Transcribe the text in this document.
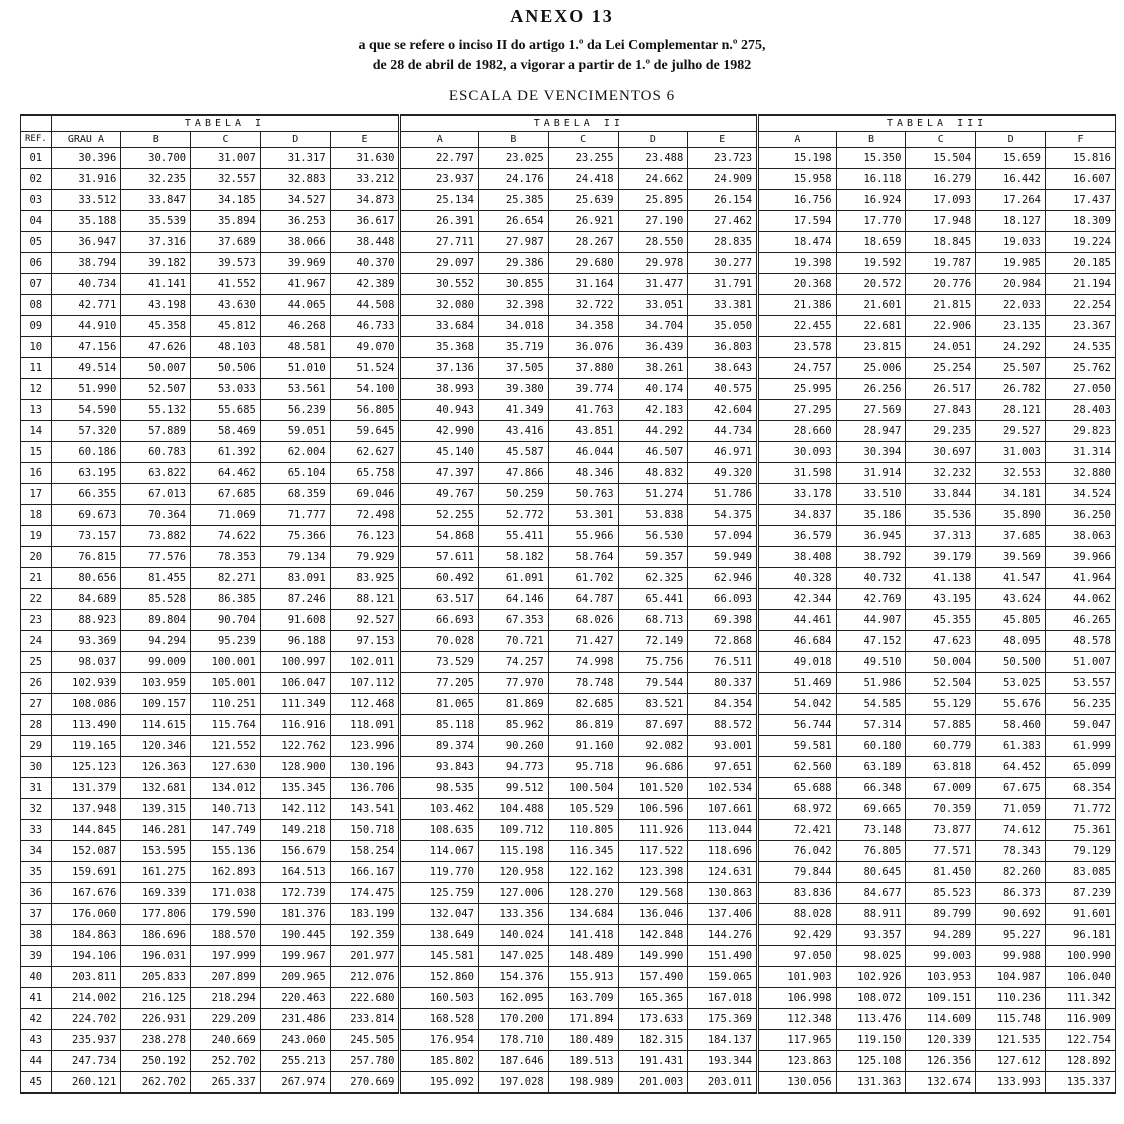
ANEXO 13
a que se refere o inciso II do artigo 1.º da Lei Complementar n.º 275,
de 28 de abril de 1982, a vigorar a partir de 1.º de julho de 1982
ESCALA DE VENCIMENTOS 6
	TABELA I					TABELA II					TABELA III				
REF.	GRAU A	B	C	D	E	A	B	C	D	E	A	B	C	D	F
01	30.396	30.700	31.007	31.317	31.630	22.797	23.025	23.255	23.488	23.723	15.198	15.350	15.504	15.659	15.816
02	31.916	32.235	32.557	32.883	33.212	23.937	24.176	24.418	24.662	24.909	15.958	16.118	16.279	16.442	16.607
03	33.512	33.847	34.185	34.527	34.873	25.134	25.385	25.639	25.895	26.154	16.756	16.924	17.093	17.264	17.437
04	35.188	35.539	35.894	36.253	36.617	26.391	26.654	26.921	27.190	27.462	17.594	17.770	17.948	18.127	18.309
05	36.947	37.316	37.689	38.066	38.448	27.711	27.987	28.267	28.550	28.835	18.474	18.659	18.845	19.033	19.224
06	38.794	39.182	39.573	39.969	40.370	29.097	29.386	29.680	29.978	30.277	19.398	19.592	19.787	19.985	20.185
07	40.734	41.141	41.552	41.967	42.389	30.552	30.855	31.164	31.477	31.791	20.368	20.572	20.776	20.984	21.194
08	42.771	43.198	43.630	44.065	44.508	32.080	32.398	32.722	33.051	33.381	21.386	21.601	21.815	22.033	22.254
09	44.910	45.358	45.812	46.268	46.733	33.684	34.018	34.358	34.704	35.050	22.455	22.681	22.906	23.135	23.367
10	47.156	47.626	48.103	48.581	49.070	35.368	35.719	36.076	36.439	36.803	23.578	23.815	24.051	24.292	24.535
11	49.514	50.007	50.506	51.010	51.524	37.136	37.505	37.880	38.261	38.643	24.757	25.006	25.254	25.507	25.762
12	51.990	52.507	53.033	53.561	54.100	38.993	39.380	39.774	40.174	40.575	25.995	26.256	26.517	26.782	27.050
13	54.590	55.132	55.685	56.239	56.805	40.943	41.349	41.763	42.183	42.604	27.295	27.569	27.843	28.121	28.403
14	57.320	57.889	58.469	59.051	59.645	42.990	43.416	43.851	44.292	44.734	28.660	28.947	29.235	29.527	29.823
15	60.186	60.783	61.392	62.004	62.627	45.140	45.587	46.044	46.507	46.971	30.093	30.394	30.697	31.003	31.314
16	63.195	63.822	64.462	65.104	65.758	47.397	47.866	48.346	48.832	49.320	31.598	31.914	32.232	32.553	32.880
17	66.355	67.013	67.685	68.359	69.046	49.767	50.259	50.763	51.274	51.786	33.178	33.510	33.844	34.181	34.524
18	69.673	70.364	71.069	71.777	72.498	52.255	52.772	53.301	53.838	54.375	34.837	35.186	35.536	35.890	36.250
19	73.157	73.882	74.622	75.366	76.123	54.868	55.411	55.966	56.530	57.094	36.579	36.945	37.313	37.685	38.063
20	76.815	77.576	78.353	79.134	79.929	57.611	58.182	58.764	59.357	59.949	38.408	38.792	39.179	39.569	39.966
21	80.656	81.455	82.271	83.091	83.925	60.492	61.091	61.702	62.325	62.946	40.328	40.732	41.138	41.547	41.964
22	84.689	85.528	86.385	87.246	88.121	63.517	64.146	64.787	65.441	66.093	42.344	42.769	43.195	43.624	44.062
23	88.923	89.804	90.704	91.608	92.527	66.693	67.353	68.026	68.713	69.398	44.461	44.907	45.355	45.805	46.265
24	93.369	94.294	95.239	96.188	97.153	70.028	70.721	71.427	72.149	72.868	46.684	47.152	47.623	48.095	48.578
25	98.037	99.009	100.001	100.997	102.011	73.529	74.257	74.998	75.756	76.511	49.018	49.510	50.004	50.500	51.007
26	102.939	103.959	105.001	106.047	107.112	77.205	77.970	78.748	79.544	80.337	51.469	51.986	52.504	53.025	53.557
27	108.086	109.157	110.251	111.349	112.468	81.065	81.869	82.685	83.521	84.354	54.042	54.585	55.129	55.676	56.235
28	113.490	114.615	115.764	116.916	118.091	85.118	85.962	86.819	87.697	88.572	56.744	57.314	57.885	58.460	59.047
29	119.165	120.346	121.552	122.762	123.996	89.374	90.260	91.160	92.082	93.001	59.581	60.180	60.779	61.383	61.999
30	125.123	126.363	127.630	128.900	130.196	93.843	94.773	95.718	96.686	97.651	62.560	63.189	63.818	64.452	65.099
31	131.379	132.681	134.012	135.345	136.706	98.535	99.512	100.504	101.520	102.534	65.688	66.348	67.009	67.675	68.354
32	137.948	139.315	140.713	142.112	143.541	103.462	104.488	105.529	106.596	107.661	68.972	69.665	70.359	71.059	71.772
33	144.845	146.281	147.749	149.218	150.718	108.635	109.712	110.805	111.926	113.044	72.421	73.148	73.877	74.612	75.361
34	152.087	153.595	155.136	156.679	158.254	114.067	115.198	116.345	117.522	118.696	76.042	76.805	77.571	78.343	79.129
35	159.691	161.275	162.893	164.513	166.167	119.770	120.958	122.162	123.398	124.631	79.844	80.645	81.450	82.260	83.085
36	167.676	169.339	171.038	172.739	174.475	125.759	127.006	128.270	129.568	130.863	83.836	84.677	85.523	86.373	87.239
37	176.060	177.806	179.590	181.376	183.199	132.047	133.356	134.684	136.046	137.406	88.028	88.911	89.799	90.692	91.601
38	184.863	186.696	188.570	190.445	192.359	138.649	140.024	141.418	142.848	144.276	92.429	93.357	94.289	95.227	96.181
39	194.106	196.031	197.999	199.967	201.977	145.581	147.025	148.489	149.990	151.490	97.050	98.025	99.003	99.988	100.990
40	203.811	205.833	207.899	209.965	212.076	152.860	154.376	155.913	157.490	159.065	101.903	102.926	103.953	104.987	106.040
41	214.002	216.125	218.294	220.463	222.680	160.503	162.095	163.709	165.365	167.018	106.998	108.072	109.151	110.236	111.342
42	224.702	226.931	229.209	231.486	233.814	168.528	170.200	171.894	173.633	175.369	112.348	113.476	114.609	115.748	116.909
43	235.937	238.278	240.669	243.060	245.505	176.954	178.710	180.489	182.315	184.137	117.965	119.150	120.339	121.535	122.754
44	247.734	250.192	252.702	255.213	257.780	185.802	187.646	189.513	191.431	193.344	123.863	125.108	126.356	127.612	128.892
45	260.121	262.702	265.337	267.974	270.669	195.092	197.028	198.989	201.003	203.011	130.056	131.363	132.674	133.993	135.337
